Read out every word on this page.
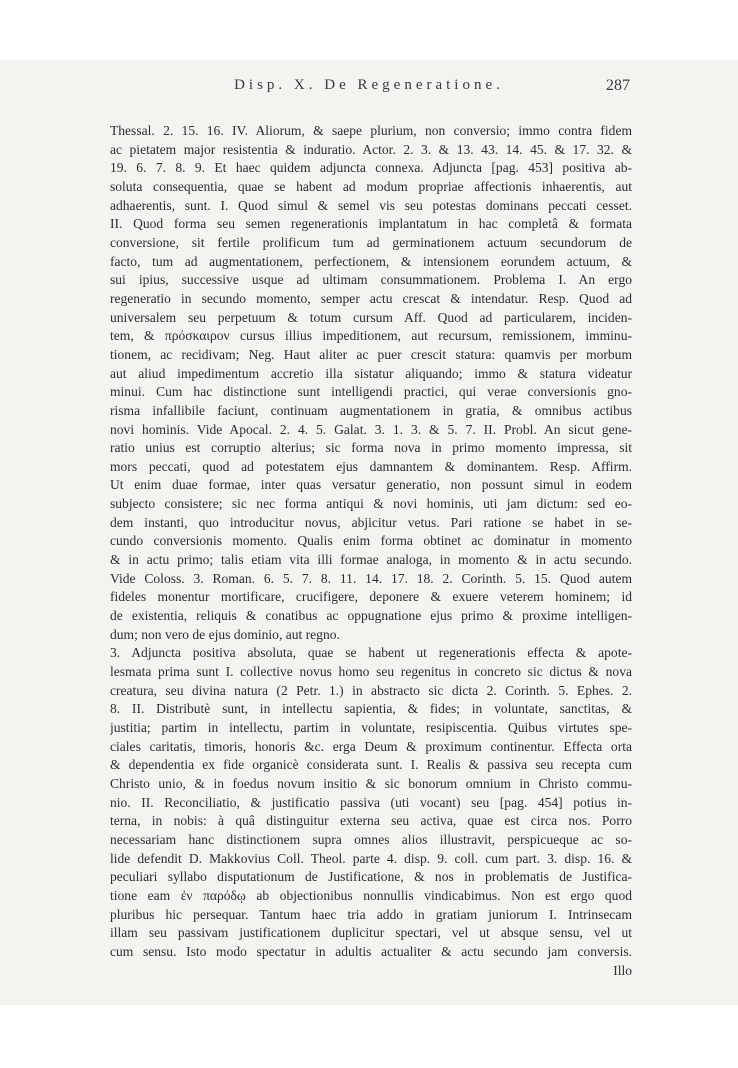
Disp. X. De Regeneratione.	287
Thessal. 2. 15. 16. IV. Aliorum, & saepe plurium, non conversio; immo contra fidem
ac pietatem major resistentia & induratio. Actor. 2. 3. & 13. 43. 14. 45. & 17. 32. &
19. 6. 7. 8. 9. Et haec quidem adjuncta connexa. Adjuncta [pag. 453] positiva ab-
soluta consequentia, quae se habent ad modum propriae affectionis inhaerentis, aut
adhaerentis, sunt. I. Quod simul & semel vis seu potestas dominans peccati cesset.
II. Quod forma seu semen regenerationis implantatum in hac completâ & formata
conversione, sit fertile prolificum tum ad germinationem actuum secundorum de
facto, tum ad augmentationem, perfectionem, & intensionem eorundem actuum, &
sui ipius, successive usque ad ultimam consummationem. Problema I. An ergo
regeneratio in secundo momento, semper actu crescat & intendatur. Resp. Quod ad
universalem seu perpetuum & totum cursum Aff. Quod ad particularem, inciden-
tem, & πρόσκαιρον cursus illius impeditionem, aut recursum, remissionem, imminu-
tionem, ac recidivam; Neg. Haut aliter ac puer crescit statura: quamvis per morbum
aut aliud impedimentum accretio illa sistatur aliquando; immo & statura videatur
minui. Cum hac distinctione sunt intelligendi practici, qui verae conversionis gno-
risma infallibile faciunt, continuam augmentationem in gratia, & omnibus actibus
novi hominis. Vide Apocal. 2. 4. 5. Galat. 3. 1. 3. & 5. 7. II. Probl. An sicut gene-
ratio unius est corruptio alterius; sic forma nova in primo momento impressa, sit
mors peccati, quod ad potestatem ejus damnantem & dominantem. Resp. Affirm.
Ut enim duae formae, inter quas versatur generatio, non possunt simul in eodem
subjecto consistere; sic nec forma antiqui & novi hominis, uti jam dictum: sed eo-
dem instanti, quo introducitur novus, abjicitur vetus. Pari ratione se habet in se-
cundo conversionis momento. Qualis enim forma obtinet ac dominatur in momento
& in actu primo; talis etiam vita illi formae analoga, in momento & in actu secundo.
Vide Coloss. 3. Roman. 6. 5. 7. 8. 11. 14. 17. 18. 2. Corinth. 5. 15. Quod autem
fideles monentur mortificare, crucifigere, deponere & exuere veterem hominem; id
de existentia, reliquis & conatibus ac oppugnatione ejus primo & proxime intelligen-
dum; non vero de ejus dominio, aut regno.
3. Adjuncta positiva absoluta, quae se habent ut regenerationis effecta & apote-
lesmata prima sunt I. collective novus homo seu regenitus in concreto sic dictus & nova
creatura, seu divina natura (2 Petr. 1.) in abstracto sic dicta 2. Corinth. 5. Ephes. 2.
8. II. Distributè sunt, in intellectu sapientia, & fides; in voluntate, sanctitas, &
justitia; partim in intellectu, partim in voluntate, resipiscentia. Quibus virtutes spe-
ciales caritatis, timoris, honoris &c. erga Deum & proximum continentur. Effecta orta
& dependentia ex fide organicè considerata sunt. I. Realis & passiva seu recepta cum
Christo unio, & in foedus novum insitio & sic bonorum omnium in Christo commu-
nio. II. Reconciliatio, & justificatio passiva (uti vocant) seu [pag. 454] potius in-
terna, in nobis: à quâ distinguitur externa seu activa, quae est circa nos. Porro
necessariam hanc distinctionem supra omnes alios illustravit, perspicueque ac so-
lide defendit D. Makkovius Coll. Theol. parte 4. disp. 9. coll. cum part. 3. disp. 16. &
peculiari syllabo disputationum de Justificatione, & nos in problematis de Justifica-
tione eam ἐν παρόδῳ ab objectionibus nonnullis vindicabimus. Non est ergo quod
pluribus hic persequar. Tantum haec tria addo in gratiam juniorum I. Intrinsecam
illam seu passivam justificationem duplicitur spectari, vel ut absque sensu, vel ut
cum sensu. Isto modo spectatur in adultis actualiter & actu secundo jam conversis.
Illo
